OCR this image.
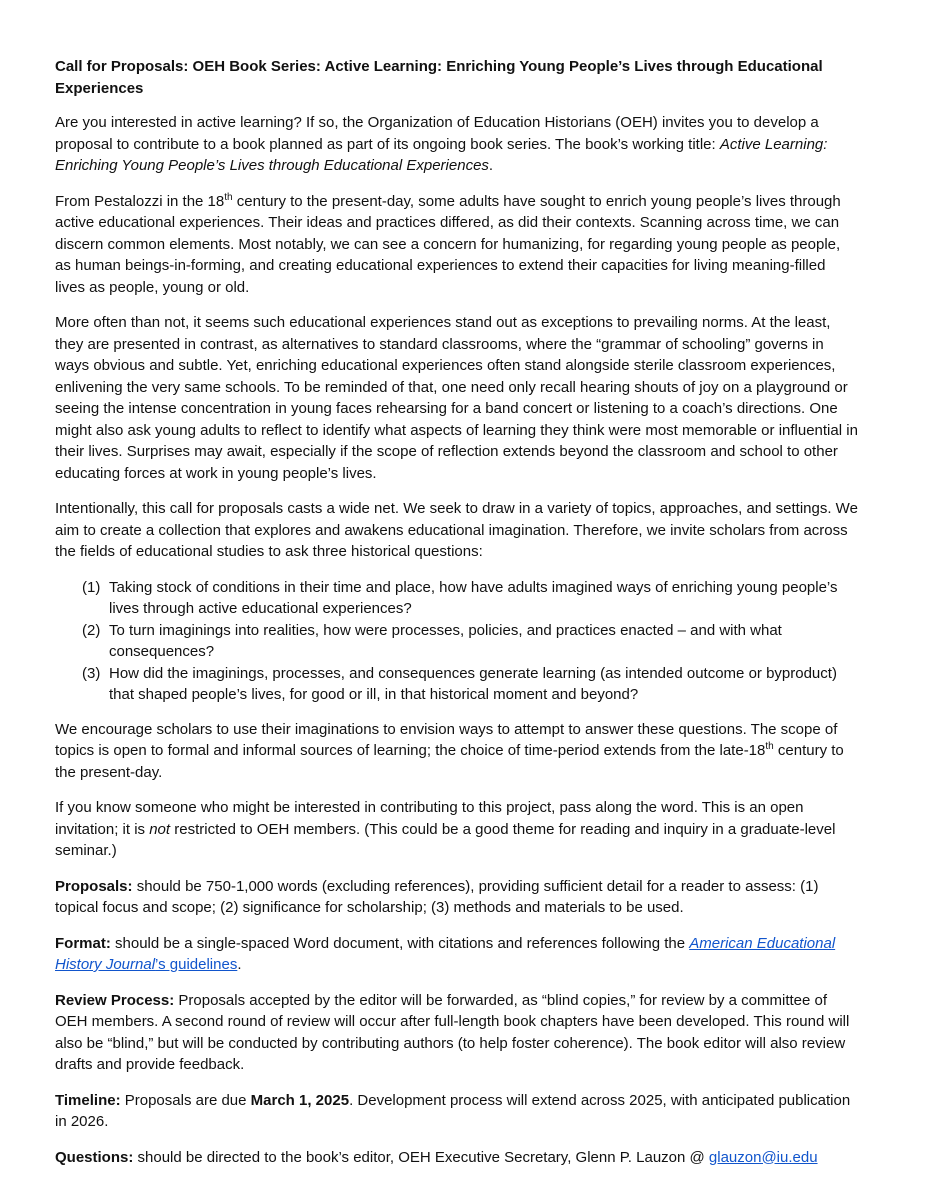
Call for Proposals: OEH Book Series: Active Learning: Enriching Young People’s Lives through Educational Experiences

Are you interested in active learning? If so, the Organization of Education Historians (OEH) invites you to develop a proposal to contribute to a book planned as part of its ongoing book series. The book’s working title: Active Learning: Enriching Young People’s Lives through Educational Experiences.

From Pestalozzi in the 18th century to the present-day, some adults have sought to enrich young people’s lives through active educational experiences. Their ideas and practices differed, as did their contexts. Scanning across time, we can discern common elements. Most notably, we can see a concern for humanizing, for regarding young people as people, as human beings-in-forming, and creating educational experiences to extend their capacities for living meaning-filled lives as people, young or old.

More often than not, it seems such educational experiences stand out as exceptions to prevailing norms. At the least, they are presented in contrast, as alternatives to standard classrooms, where the “grammar of schooling” governs in ways obvious and subtle. Yet, enriching educational experiences often stand alongside sterile classroom experiences, enlivening the very same schools. To be reminded of that, one need only recall hearing shouts of joy on a playground or seeing the intense concentration in young faces rehearsing for a band concert or listening to a coach’s directions. One might also ask young adults to reflect to identify what aspects of learning they think were most memorable or influential in their lives. Surprises may await, especially if the scope of reflection extends beyond the classroom and school to other educating forces at work in young people’s lives.

Intentionally, this call for proposals casts a wide net. We seek to draw in a variety of topics, approaches, and settings. We aim to create a collection that explores and awakens educational imagination. Therefore, we invite scholars from across the fields of educational studies to ask three historical questions:

(1) Taking stock of conditions in their time and place, how have adults imagined ways of enriching young people’s lives through active educational experiences?
(2) To turn imaginings into realities, how were processes, policies, and practices enacted – and with what consequences?
(3) How did the imaginings, processes, and consequences generate learning (as intended outcome or byproduct) that shaped people’s lives, for good or ill, in that historical moment and beyond?

We encourage scholars to use their imaginations to envision ways to attempt to answer these questions. The scope of topics is open to formal and informal sources of learning; the choice of time-period extends from the late-18th century to the present-day.

If you know someone who might be interested in contributing to this project, pass along the word. This is an open invitation; it is not restricted to OEH members. (This could be a good theme for reading and inquiry in a graduate-level seminar.)

Proposals: should be 750-1,000 words (excluding references), providing sufficient detail for a reader to assess: (1) topical focus and scope; (2) significance for scholarship; (3) methods and materials to be used.

Format: should be a single-spaced Word document, with citations and references following the American Educational History Journal’s guidelines.

Review Process: Proposals accepted by the editor will be forwarded, as “blind copies,” for review by a committee of OEH members. A second round of review will occur after full-length book chapters have been developed. This round will also be “blind,” but will be conducted by contributing authors (to help foster coherence). The book editor will also review drafts and provide feedback.

Timeline: Proposals are due March 1, 2025. Development process will extend across 2025, with anticipated publication in 2026.

Questions: should be directed to the book’s editor, OEH Executive Secretary, Glenn P. Lauzon @ glauzon@iu.edu
